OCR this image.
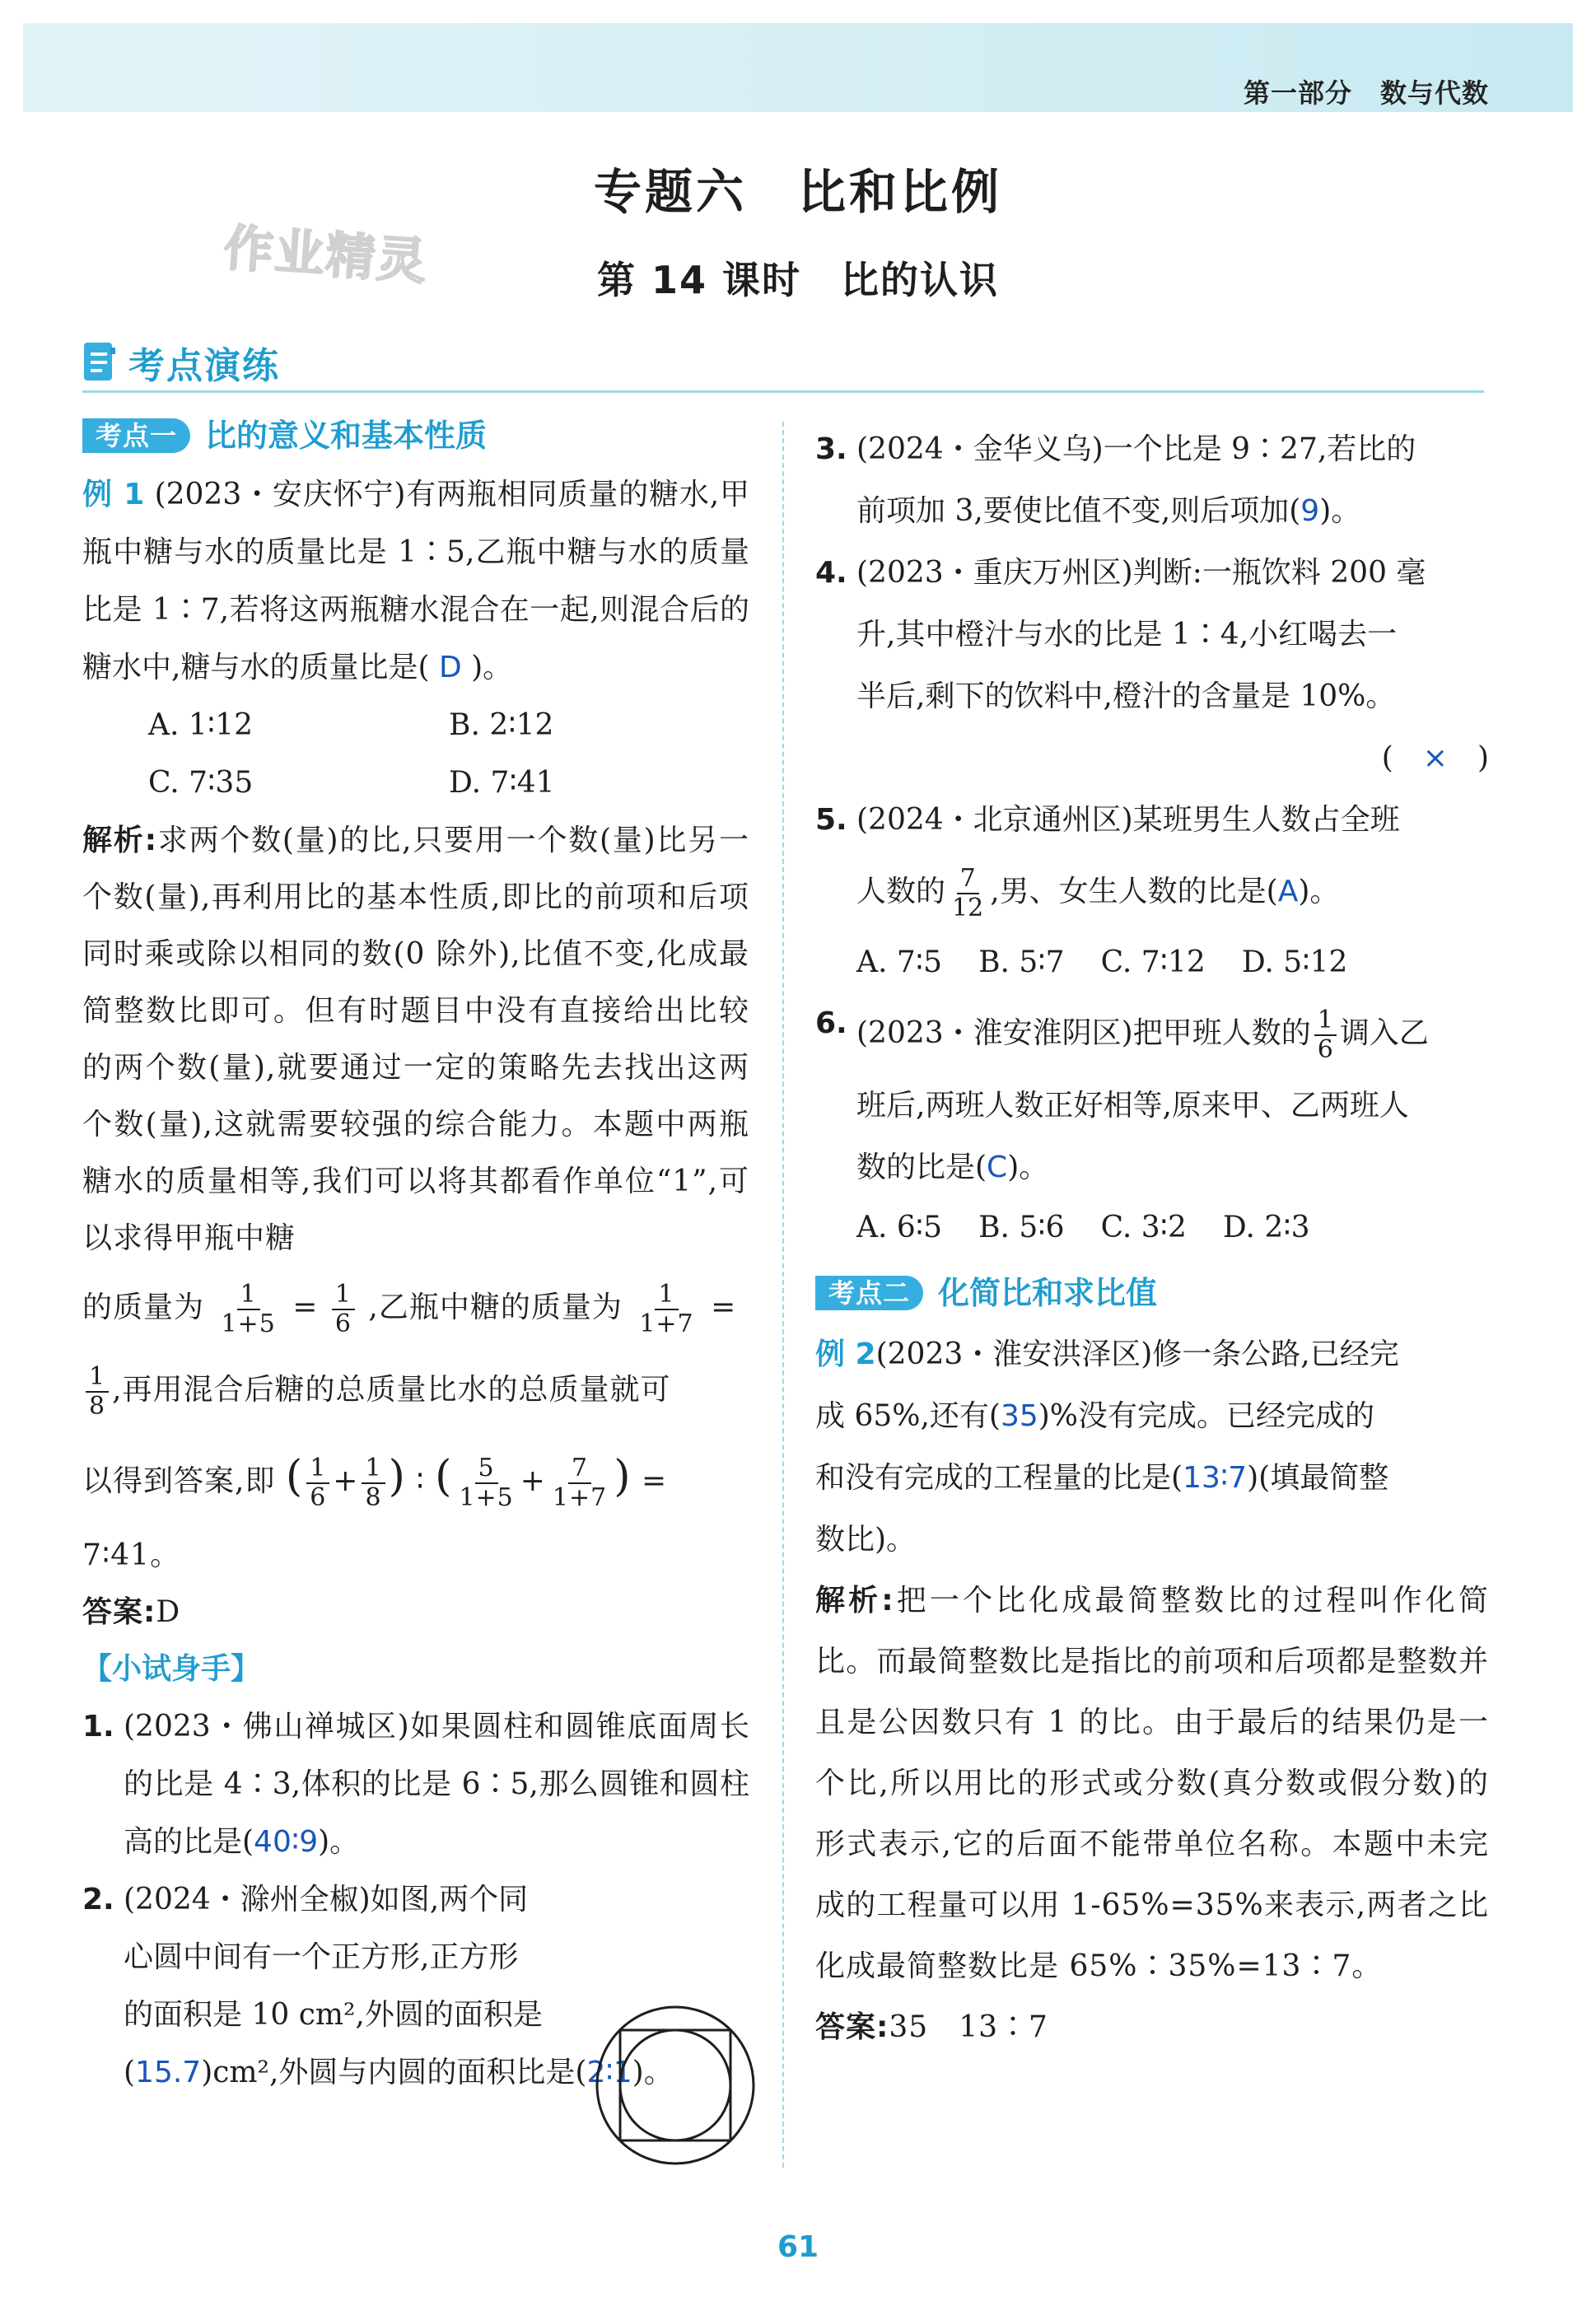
第一部分 数与代数
专题六　比和比例
第 14 课时　比的认识
作业精灵
考点演练
考点一 比的意义和基本性质
例 1 (2023・安庆怀宁)有两瓶相同质量的糖水,甲瓶中糖与水的质量比是 1∶5,乙瓶中糖与水的质量比是 1∶7,若将这两瓶糖水混合在一起,则混合后的糖水中,糖与水的质量比是( D )。
A. 1∶12	B. 2∶12
C. 7∶35	D. 7∶41
解析:求两个数(量)的比,只要用一个数(量)比另一个数(量),再利用比的基本性质,即比的前项和后项同时乘或除以相同的数(0 除外),比值不变,化成最简整数比即可。但有时题目中没有直接给出比较的两个数(量),就要通过一定的策略先去找出这两个数(量),这就需要较强的综合能力。本题中两瓶糖水的质量相等,我们可以将其都看作单位“1”,可以求得甲瓶中糖
的质量为 $\frac{1}{1+5} = \frac{1}{6}$ ,乙瓶中糖的质量为 $\frac{1}{1+7}$ =
$\frac{1}{8}$ ,再用混合后糖的总质量比水的总质量就可
以得到答案,即 ( $\frac{1}{6} + \frac{1}{8}$ ) ∶ ( $\frac{5}{1+5} + \frac{7}{1+7}$ ) =
7∶41。
答案:D
【小试身手】
1. (2023・佛山禅城区)如果圆柱和圆锥底面周长的比是 4∶3,体积的比是 6∶5,那么圆锥和圆柱高的比是(40∶9)。
2. (2024・滁州全椒)如图,两个同
心圆中间有一个正方形,正方形
的面积是 10 cm²,外圆的面积是
(15.7)cm²,外圆与内圆的面积比是(2∶1)。
3. (2024・金华义乌)一个比是 9∶27,若比的
前项加 3,要使比值不变,则后项加(9)。
4. (2023・重庆万州区)判断:一瓶饮料 200 毫
升,其中橙汁与水的比是 1∶4,小红喝去一
半后,剩下的饮料中,橙汁的含量是 10%。
(　 ×　 )
5. (2024・北京通州区)某班男生人数占全班
人数的 $\frac{7}{12}$ ,男、女生人数的比是(A)。
A. 7∶5 B. 5∶7 C. 7∶12 D. 5∶12
6. (2023・淮安淮阴区)把甲班人数的 $\frac{1}{6}$ 调入乙
班后,两班人数正好相等,原来甲、乙两班人
数的比是(C)。
A. 6∶5 B. 5∶6 C. 3∶2 D. 2∶3
考点二 化简比和求比值
例 2(2023・淮安洪泽区)修一条公路,已经完
成 65%,还有(35)%没有完成。已经完成的
和没有完成的工程量的比是(13∶7)(填最简整
数比)。
解析:把一个比化成最简整数比的过程叫作化简比。而最简整数比是指比的前项和后项都是整数并且是公因数只有 1 的比。由于最后的结果仍是一个比,所以用比的形式或分数(真分数或假分数)的形式表示,它的后面不能带单位名称。本题中未完成的工程量可以用 1-65%=35%来表示,两者之比化成最简整数比是 65%∶35%=13∶7。
答案:35　13∶7
61
